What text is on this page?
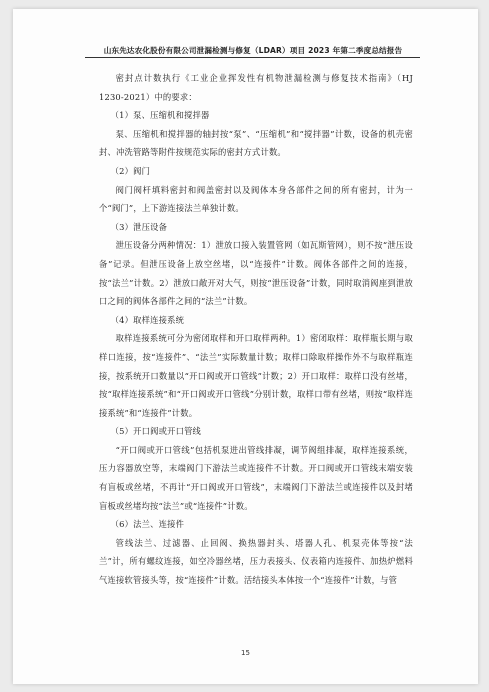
山东先达农化股份有限公司泄漏检测与修复（LDAR）项目 2023 年第二季度总结报告

密封点计数执行《工业企业挥发性有机物泄漏检测与修复技术指南》（HJ 1230-2021）中的要求：

（1）泵、压缩机和搅拌器

泵、压缩机和搅拌器的轴封按“泵”、“压缩机”和“搅拌器”计数，设备的机壳密封、冲洗管路等附件按规范实际的密封方式计数。

（2）阀门

阀门阀杆填料密封和阀盖密封以及阀体本身各部件之间的所有密封，计为一个“阀门”，上下游连接法兰单独计数。

（3）泄压设备

泄压设备分两种情况：1）泄放口接入装置管网（如瓦斯管网），则不按“泄压设备”记录。但泄压设备上放空丝堵，以“连接件”计数。阀体各部件之间的连接，按“法兰”计数。2）泄放口敞开对大气，则按“泄压设备”计数，同时取消阀座到泄放口之间的阀体各部件之间的“法兰”计数。

（4）取样连接系统

取样连接系统可分为密闭取样和开口取样两种。1）密闭取样：取样瓶长期与取样口连接，按“连接件”、“法兰”实际数量计数；取样口除取样操作外不与取样瓶连接，按系统开口数量以“开口阀或开口管线”计数；2）开口取样：取样口没有丝堵，按“取样连接系统”和“开口阀或开口管线”分别计数，取样口带有丝堵，则按“取样连接系统”和“连接件”计数。

（5）开口阀或开口管线

“开口阀或开口管线”包括机泵进出管线排凝，调节阀组排凝，取样连接系统，压力容器放空等，末端阀门下游法兰或连接件不计数。开口阀或开口管线末端安装有盲板或丝堵，不再计“开口阀或开口管线”，末端阀门下游法兰或连接件以及封堵盲板或丝堵均按“法兰”或“连接件”计数。

（6）法兰、连接件

管线法兰、过滤器、止回阀、换热器封头、塔器人孔、机泵壳体等按“法兰”计，所有螺纹连接，如空冷器丝堵，压力表接头、仪表箱内连接件、加热炉燃料气连接软管接头等，按“连接件”计数。活结接头本体按一个“连接件”计数，与管

15
